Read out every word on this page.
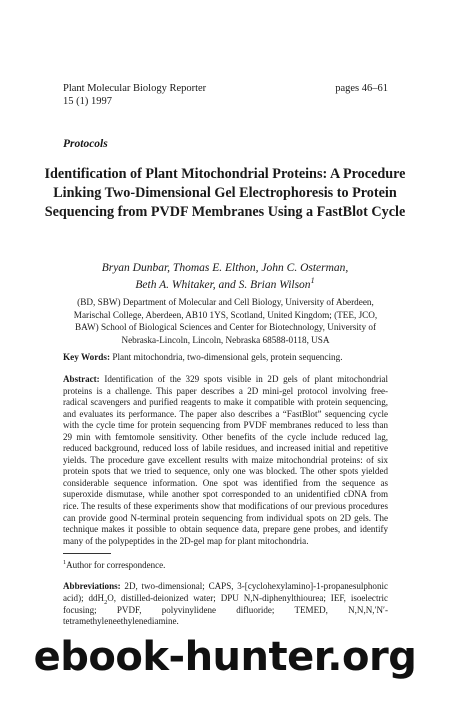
Plant Molecular Biology Reporter
15 (1) 1997
pages 46–61
Protocols
Identification of Plant Mitochondrial Proteins: A Procedure Linking Two-Dimensional Gel Electrophoresis to Protein Sequencing from PVDF Membranes Using a FastBlot Cycle
Bryan Dunbar, Thomas E. Elthon, John C. Osterman,
Beth A. Whitaker, and S. Brian Wilson$^1$
(BD, SBW) Department of Molecular and Cell Biology, University of Aberdeen, Marischal College, Aberdeen, AB10 1YS, Scotland, United Kingdom; (TEE, JCO, BAW) School of Biological Sciences and Center for Biotechnology, University of Nebraska-Lincoln, Lincoln, Nebraska 68588-0118, USA
Key Words: Plant mitochondria, two-dimensional gels, protein sequencing.
Abstract: Identification of the 329 spots visible in 2D gels of plant mitochondrial proteins is a challenge. This paper describes a 2D mini-gel protocol involving free-radical scavengers and purified reagents to make it compatible with protein sequencing, and evaluates its performance. The paper also describes a “FastBlot” sequencing cycle with the cycle time for protein sequencing from PVDF membranes reduced to less than 29 min with femtomole sensitivity. Other benefits of the cycle include reduced lag, reduced background, reduced loss of labile residues, and increased initial and repetitive yields. The procedure gave excellent results with maize mitochondrial proteins: of six protein spots that we tried to sequence, only one was blocked. The other spots yielded considerable sequence information. One spot was identified from the sequence as superoxide dismutase, while another spot corresponded to an unidentified cDNA from rice. The results of these experiments show that modifications of our previous procedures can provide good N-terminal protein sequencing from individual spots on 2D gels. The technique makes it possible to obtain sequence data, prepare gene probes, and identify many of the polypeptides in the 2D-gel map for plant mitochondria.
$^1$Author for correspondence.
Abbreviations: 2D, two-dimensional; CAPS, 3-[cyclohexylamino]-1-propanesulphonic acid); ddH$_2$O, distilled-deionized water; DPU N,N-diphenylthiourea; IEF, isoelectric focusing; PVDF, polyvinylidene difluoride; TEMED, N,N,N,′N′-tetramethyleneethylenediamine.
ebook-hunter.org
